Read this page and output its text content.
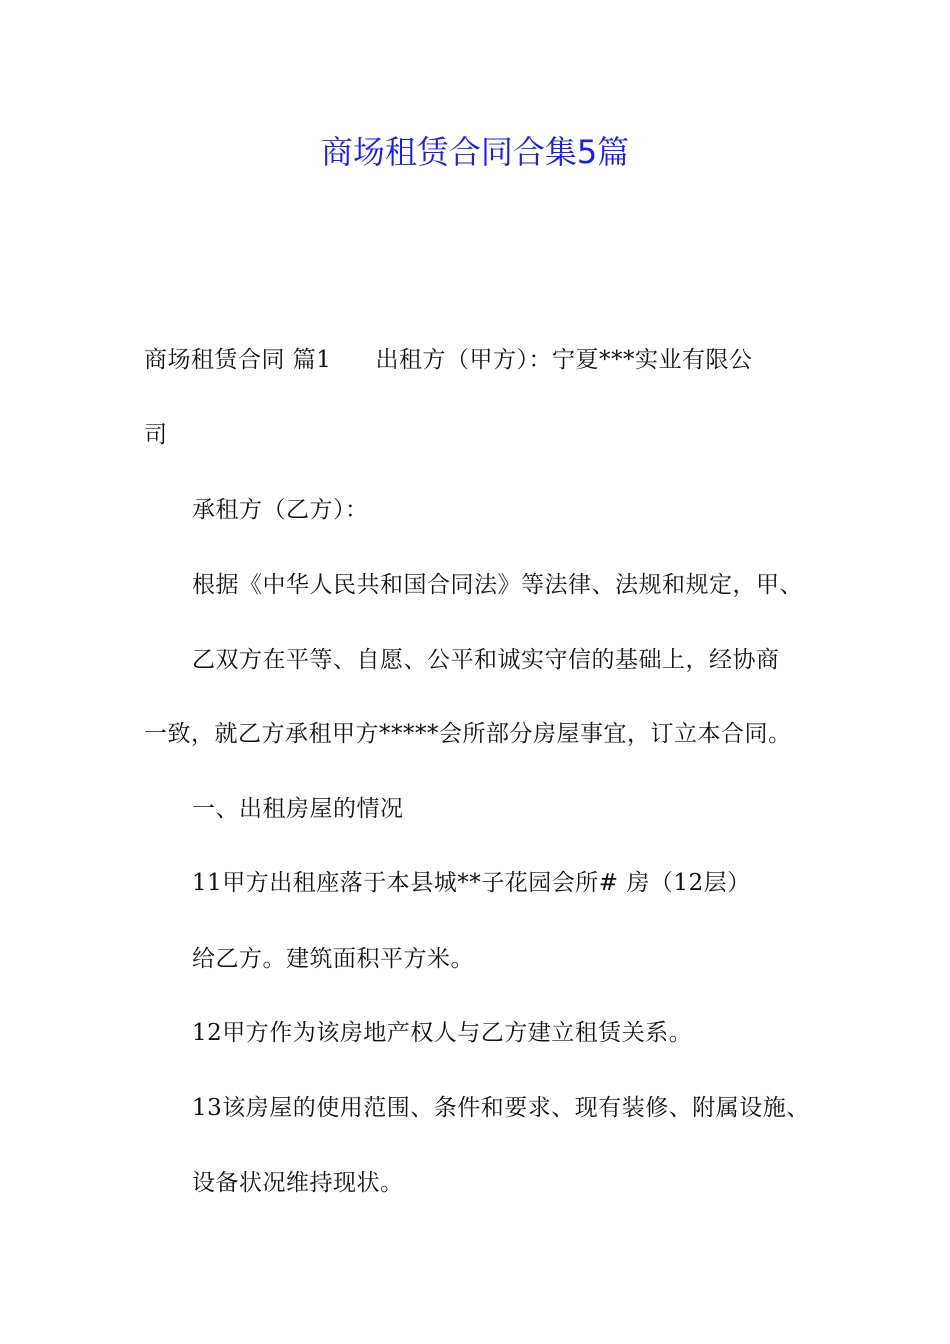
商场租赁合同合集5篇
商场租赁合同 篇1 出租方（甲方）：宁夏***实业有限公
司
承租方（乙方）：
根据《中华人民共和国合同法》等法律、法规和规定，甲、
乙双方在平等、自愿、公平和诚实守信的基础上，经协商
一致，就乙方承租甲方*****会所部分房屋事宜，订立本合同。
一、出租房屋的情况
11甲方出租座落于本县城**子花园会所# 房（12层）
给乙方。建筑面积平方米。
12甲方作为该房地产权人与乙方建立租赁关系。
13该房屋的使用范围、条件和要求、现有装修、附属设施、
设备状况维持现状。
